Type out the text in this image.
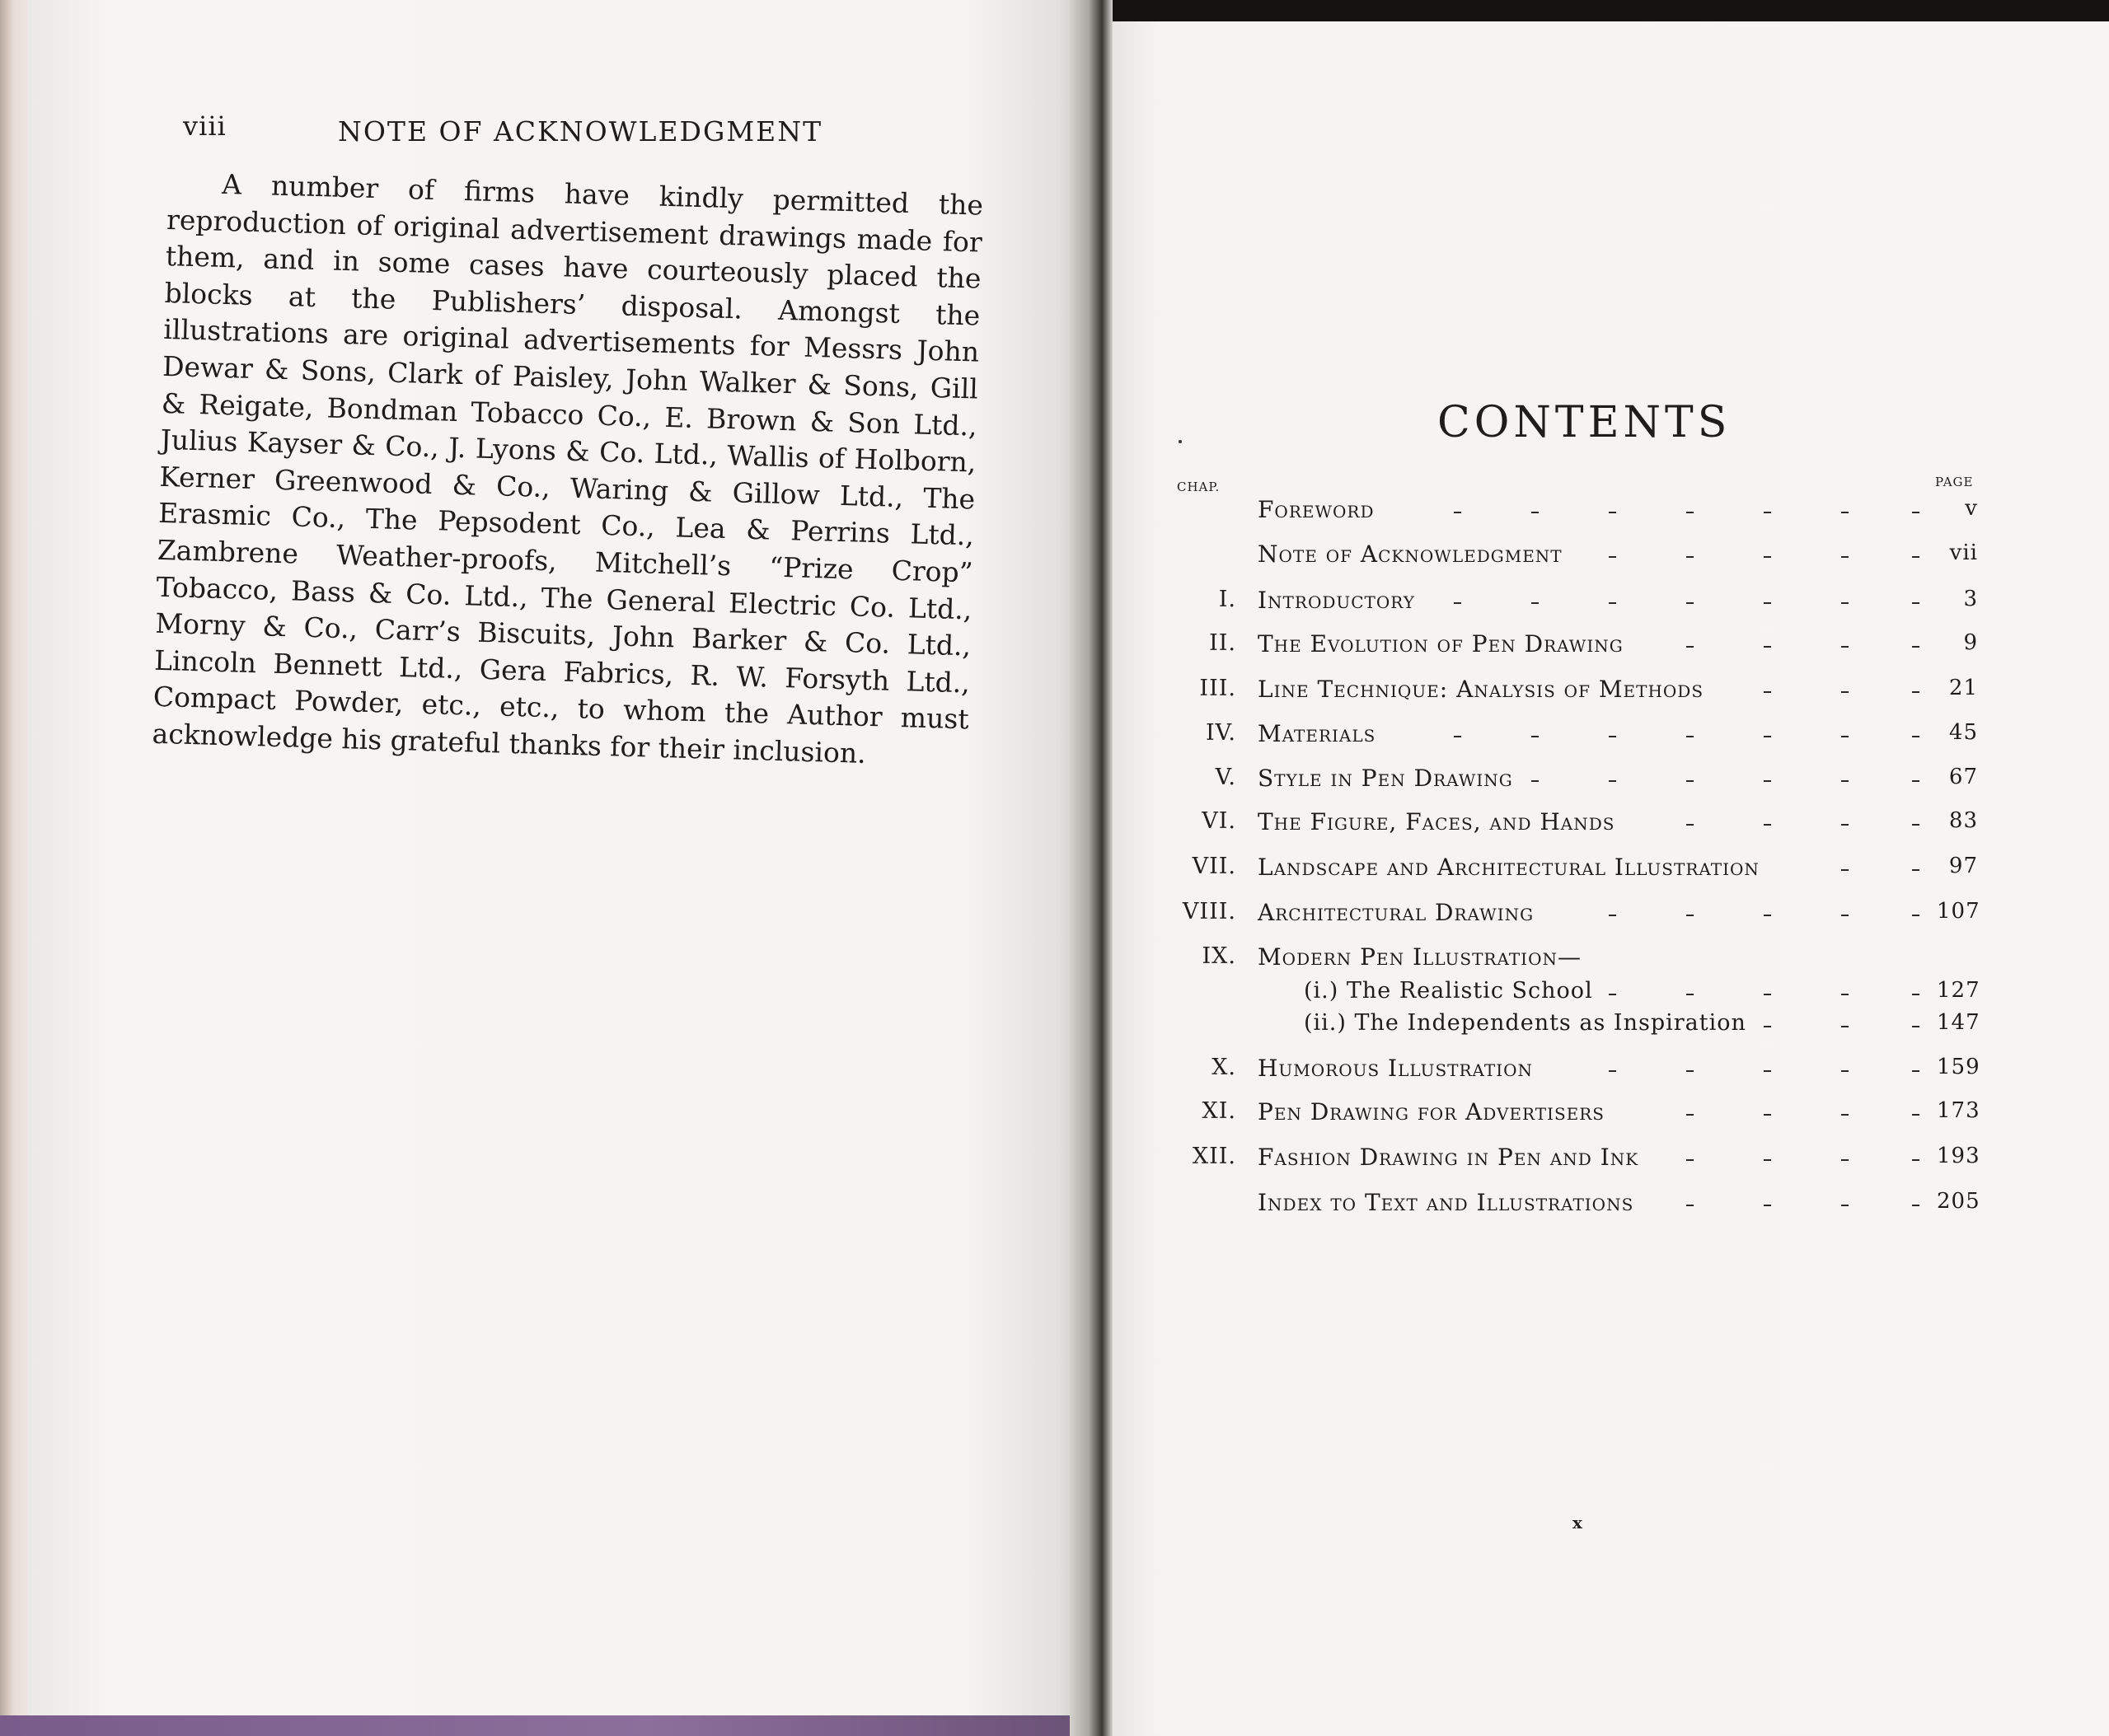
viii	NOTE OF ACKNOWLEDGMENT

A number of firms have kindly permitted the reproduction of original advertisement drawings made for them, and in some cases have courteously placed the blocks at the Publishers’ disposal. Amongst the illustrations are original advertisements for Messrs John Dewar & Sons, Clark of Paisley, John Walker & Sons, Gill & Reigate, Bondman Tobacco Co., E. Brown & Son Ltd., Julius Kayser & Co., J. Lyons & Co. Ltd., Wallis of Holborn, Kerner Greenwood & Co., Waring & Gillow Ltd., The Erasmic Co., The Pepsodent Co., Lea & Perrins Ltd., Zambrene Weather-proofs, Mitchell’s “Prize Crop” Tobacco, Bass & Co. Ltd., The General Electric Co. Ltd., Morny & Co., Carr’s Biscuits, John Barker & Co. Ltd., Lincoln Bennett Ltd., Gera Fabrics, R. W. Forsyth Ltd., Compact Powder, etc., etc., to whom the Author must acknowledge his grateful thanks for their inclusion.

CONTENTS
CHAP.	PAGE
Foreword	v
Note of Acknowledgment	vii
I. Introductory	3
II. The Evolution of Pen Drawing	9
III. Line Technique: Analysis of Methods	21
IV. Materials	45
V. Style in Pen Drawing	67
VI. The Figure, Faces, and Hands	83
VII. Landscape and Architectural Illustration	97
VIII. Architectural Drawing	107
IX. Modern Pen Illustration—
(i.) The Realistic School	127
(ii.) The Independents as Inspiration	147
X. Humorous Illustration	159
XI. Pen Drawing for Advertisers	173
XII. Fashion Drawing in Pen and Ink	193
Index to Text and Illustrations	205
x
